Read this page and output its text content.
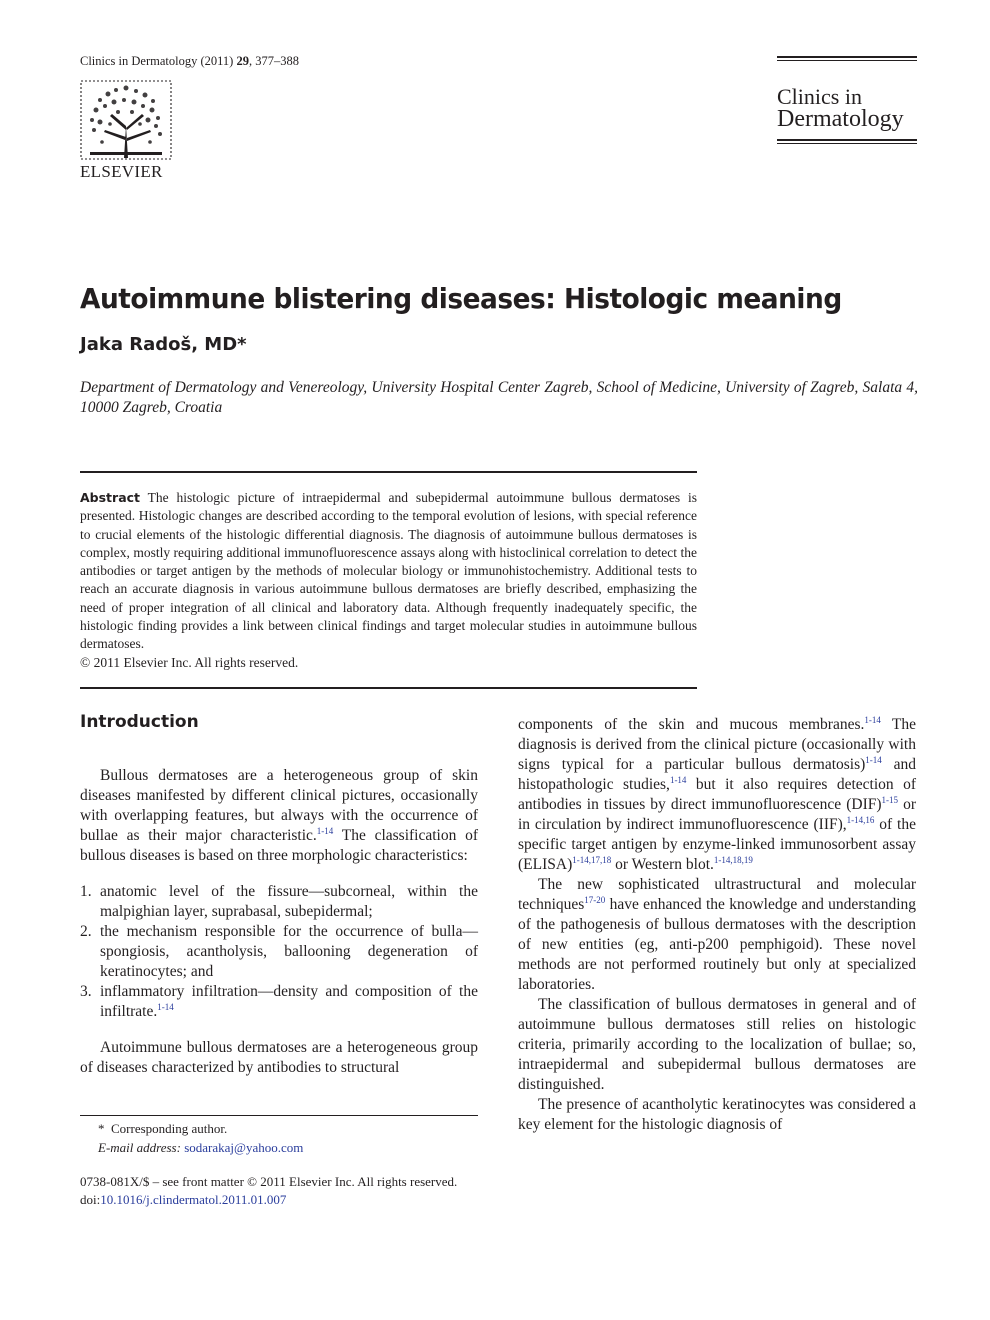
Clinics in Dermatology (2011) 29, 377–388
ELSEVIER
Clinics in
Dermatology
Autoimmune blistering diseases: Histologic meaning
Jaka Radoš, MD*
Department of Dermatology and Venereology, University Hospital Center Zagreb, School of Medicine, University of Zagreb, Salata 4, 10000 Zagreb, Croatia
Abstract The histologic picture of intraepidermal and subepidermal autoimmune bullous dermatoses is presented. Histologic changes are described according to the temporal evolution of lesions, with special reference to crucial elements of the histologic differential diagnosis. The diagnosis of autoimmune bullous dermatoses is complex, mostly requiring additional immunofluorescence assays along with histoclinical correlation to detect the antibodies or target antigen by the methods of molecular biology or immunohistochemistry. Additional tests to reach an accurate diagnosis in various autoimmune bullous dermatoses are briefly described, emphasizing the need of proper integration of all clinical and laboratory data. Although frequently inadequately specific, the histologic finding provides a link between clinical findings and target molecular studies in autoimmune bullous dermatoses.
© 2011 Elsevier Inc. All rights reserved.
Introduction

Bullous dermatoses are a heterogeneous group of skin diseases manifested by different clinical pictures, occasionally with overlapping features, but always with the occurrence of bullae as their major characteristic.$^{1-14}$ The classification of bullous diseases is based on three morphologic characteristics:

1. anatomic level of the fissure—subcorneal, within the malpighian layer, suprabasal, subepidermal;
2. the mechanism responsible for the occurrence of bulla—spongiosis, acantholysis, ballooning degeneration of keratinocytes; and
3. inflammatory infiltration—density and composition of the infiltrate.$^{1-14}$

Autoimmune bullous dermatoses are a heterogeneous group of diseases characterized by antibodies to structural

components of the skin and mucous membranes.$^{1-14}$ The diagnosis is derived from the clinical picture (occasionally with signs typical for a particular bullous dermatosis)$^{1-14}$ and histopathologic studies,$^{1-14}$ but it also requires detection of antibodies in tissues by direct immunofluorescence (DIF)$^{1-15}$ or in circulation by indirect immunofluorescence (IIF),$^{1-14,16}$ of the specific target antigen by enzyme-linked immunosorbent assay (ELISA)$^{1-14,17,18}$ or Western blot.$^{1-14,18,19}$

The new sophisticated ultrastructural and molecular techniques$^{17-20}$ have enhanced the knowledge and understanding of the pathogenesis of bullous dermatoses with the description of new entities (eg, anti-p200 pemphigoid). These novel methods are not performed routinely but only at specialized laboratories.

The classification of bullous dermatoses in general and of autoimmune bullous dermatoses still relies on histologic criteria, primarily according to the localization of bullae; so, intraepidermal and subepidermal bullous dermatoses are distinguished.

The presence of acantholytic keratinocytes was considered a key element for the histologic diagnosis of

* Corresponding author.
E-mail address: sodarakaj@yahoo.com
0738-081X/$ – see front matter © 2011 Elsevier Inc. All rights reserved.
doi:10.1016/j.clindermatol.2011.01.007
